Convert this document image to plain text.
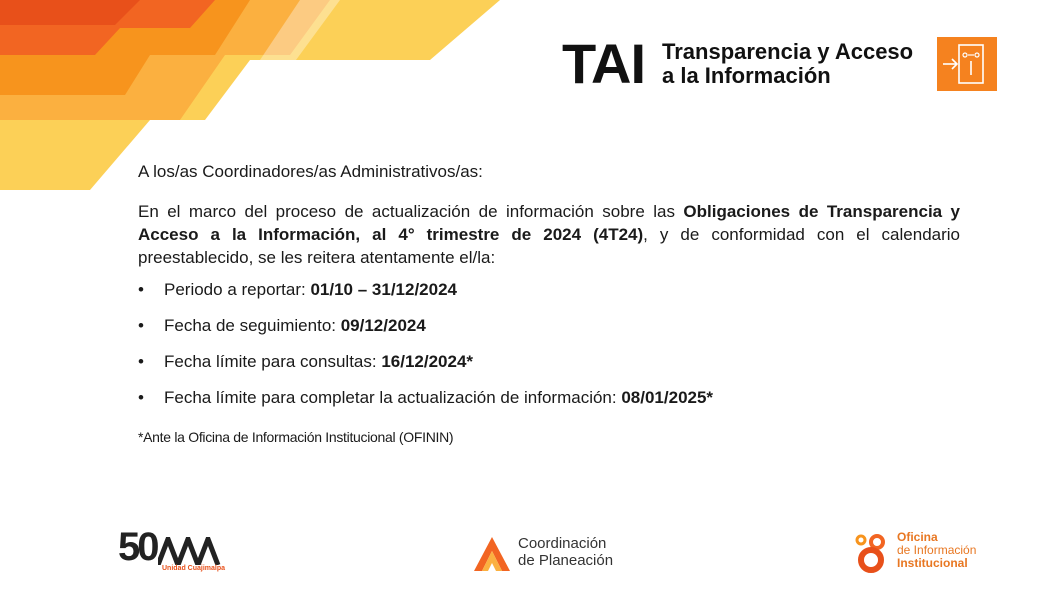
TAI Transparencia y Acceso
a la Información

A los/as Coordinadores/as Administrativos/as:

En el marco del proceso de actualización de información sobre las Obligaciones de Transparencia y Acceso a la Información, al 4° trimestre de 2024 (4T24), y de conformidad con el calendario preestablecido, se les reitera atentamente el/la:

• Periodo a reportar: 01/10 – 31/12/2024
• Fecha de seguimiento: 09/12/2024
• Fecha límite para consultas: 16/12/2024*
• Fecha límite para completar la actualización de información: 08/01/2025*
*Ante la Oficina de Información Institucional (OFININ)
50 Unidad Cuajimalpa
Coordinación
de Planeación
Oficina
de Información
Institucional
